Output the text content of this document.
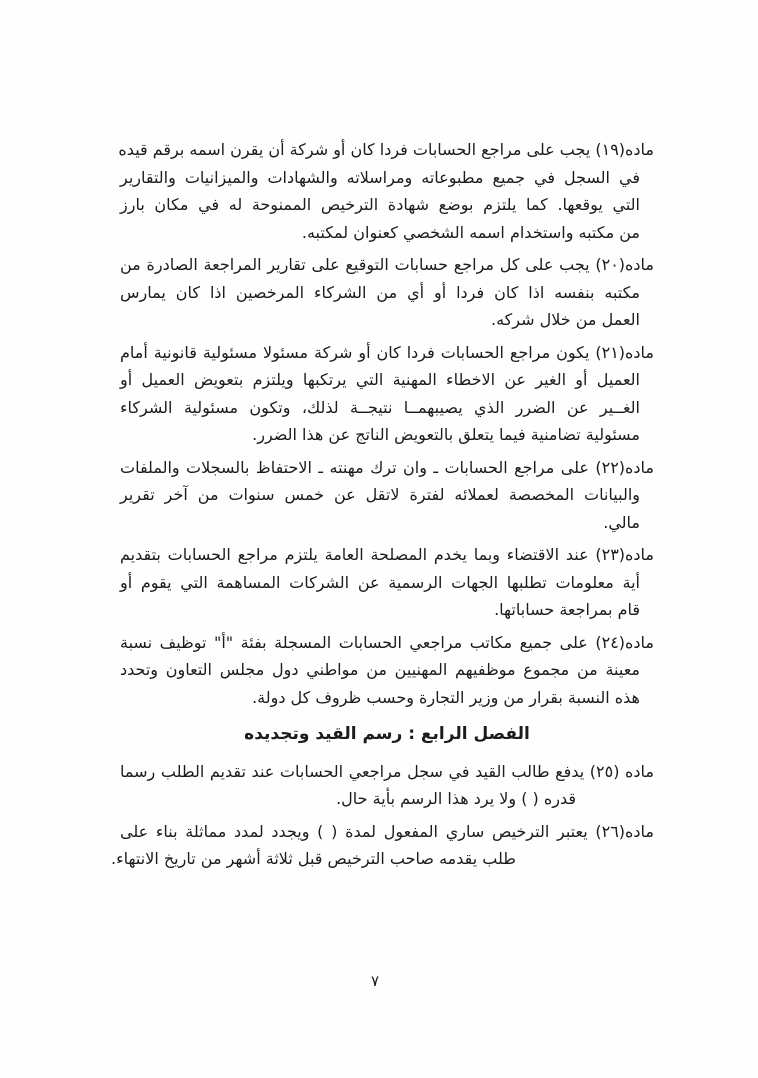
ماده(١٩) يجب على مراجع الحسابات فردا كان أو شركة أن يقرن اسمه برقم قيده
في السجل في جميع مطبوعاته ومراسلاته والشهادات والميزانيات والتقارير
التي يوقعها. كما يلتزم بوضع شهادة الترخيص الممنوحة له في مكان بارز
من مكتبه واستخدام اسمه الشخصي كعنوان لمكتبه.

ماده(٢٠) يجب على كل مراجع حسابات التوقيع على تقارير المراجعة الصادرة من
مكتبه بنفسه اذا كان فردا أو أي من الشركاء المرخصين اذا كان يمارس
العمل من خلال شركه.

ماده(٢١) يكون مراجع الحسابات فردا كان أو شركة مسئولا مسئولية قانونية أمام
العميل أو الغير عن الاخطاء المهنية التي يرتكبها ويلتزم بتعويض العميل أو
الغــير عن الضرر الذي يصيبهمــا نتيجــة لذلك، وتكون مسئولية الشركاء
مسئولية تضامنية فيما يتعلق بالتعويض الناتج عن هذا الضرر.

ماده(٢٢) على مراجع الحسابات ـ وان ترك مهنته ـ الاحتفاظ بالسجلات والملفات
والبيانات المخصصة لعملائه لفترة لاتقل عن خمس سنوات من آخر تقرير
مالي.

ماده(٢٣) عند الاقتضاء وبما يخدم المصلحة العامة يلتزم مراجع الحسابات بتقديم
أية معلومات تطلبها الجهات الرسمية عن الشركات المساهمة التي يقوم أو
قام بمراجعة حساباتها.

ماده(٢٤) على جميع مكاتب مراجعي الحسابات المسجلة بفئة "أ" توظيف نسبة
معينة من مجموع موظفيهم المهنيين من مواطني دول مجلس التعاون وتحدد
هذه النسبة بقرار من وزير التجارة وحسب ظروف كل دولة.

الفصل الرابع : رسم القيد وتجديده

ماده (٢٥) يدفع طالب القيد في سجل مراجعي الحسابات عند تقديم الطلب رسما
قدره ( ) ولا يرد هذا الرسم بأية حال.

ماده(٢٦) يعتبر الترخيص ساري المفعول لمدة ( ) ويجدد لمدد مماثلة بناء على
طلب يقدمه صاحب الترخيص قبل ثلاثة أشهر من تاريخ الانتهاء.

٧
